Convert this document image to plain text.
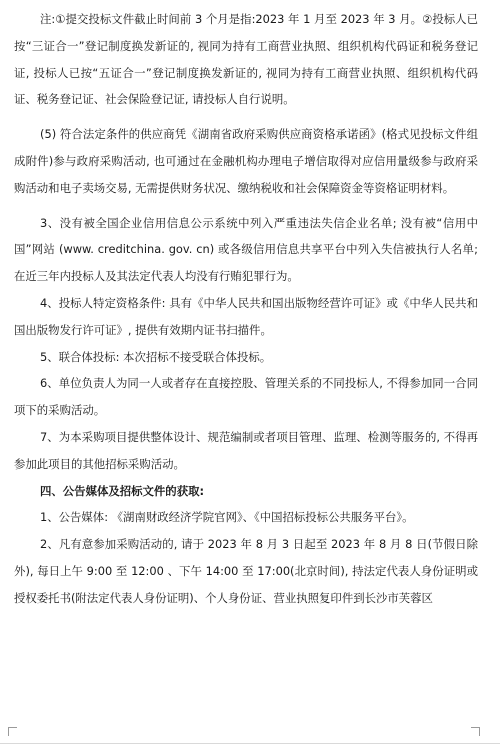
注:①提交投标文件截止时间前 3 个月是指:2023 年 1 月至 2023 年 3 月。②投标人已按“三证合一”登记制度换发新证的, 视同为持有工商营业执照、组织机构代码证和税务登记证, 投标人已按“五证合一”登记制度换发新证的, 视同为持有工商营业执照、组织机构代码证、税务登记证、社会保险登记证, 请投标人自行说明。

(5) 符合法定条件的供应商凭《湖南省政府采购供应商资格承诺函》(格式见投标文件组成附件)参与政府采购活动, 也可通过在金融机构办理电子增信取得对应信用量级参与政府采购活动和电子卖场交易, 无需提供财务状况、缴纳税收和社会保障资金等资格证明材料。

3、没有被全国企业信用信息公示系统中列入严重违法失信企业名单; 没有被“信用中国”网站 (www. creditchina. gov. cn) 或各级信用信息共享平台中列入失信被执行人名单; 在近三年内投标人及其法定代表人均没有行贿犯罪行为。

4、投标人特定资格条件: 具有《中华人民共和国出版物经营许可证》或《中华人民共和国出版物发行许可证》, 提供有效期内证书扫描件。

5、联合体投标: 本次招标不接受联合体投标。

6、单位负责人为同一人或者存在直接控股、管理关系的不同投标人, 不得参加同一合同项下的采购活动。

7、为本采购项目提供整体设计、规范编制或者项目管理、监理、检测等服务的, 不得再参加此项目的其他招标采购活动。

四、公告媒体及招标文件的获取:

1、公告媒体: 《湖南财政经济学院官网》、《中国招标投标公共服务平台》。

2、凡有意参加采购活动的, 请于 2023 年 8 月 3 日起至 2023 年 8 月 8 日(节假日除外), 每日上午 9:00 至 12:00 、下午 14:00 至 17:00(北京时间), 持法定代表人身份证明或授权委托书(附法定代表人身份证明)、个人身份证、营业执照复印件到长沙市芙蓉区
